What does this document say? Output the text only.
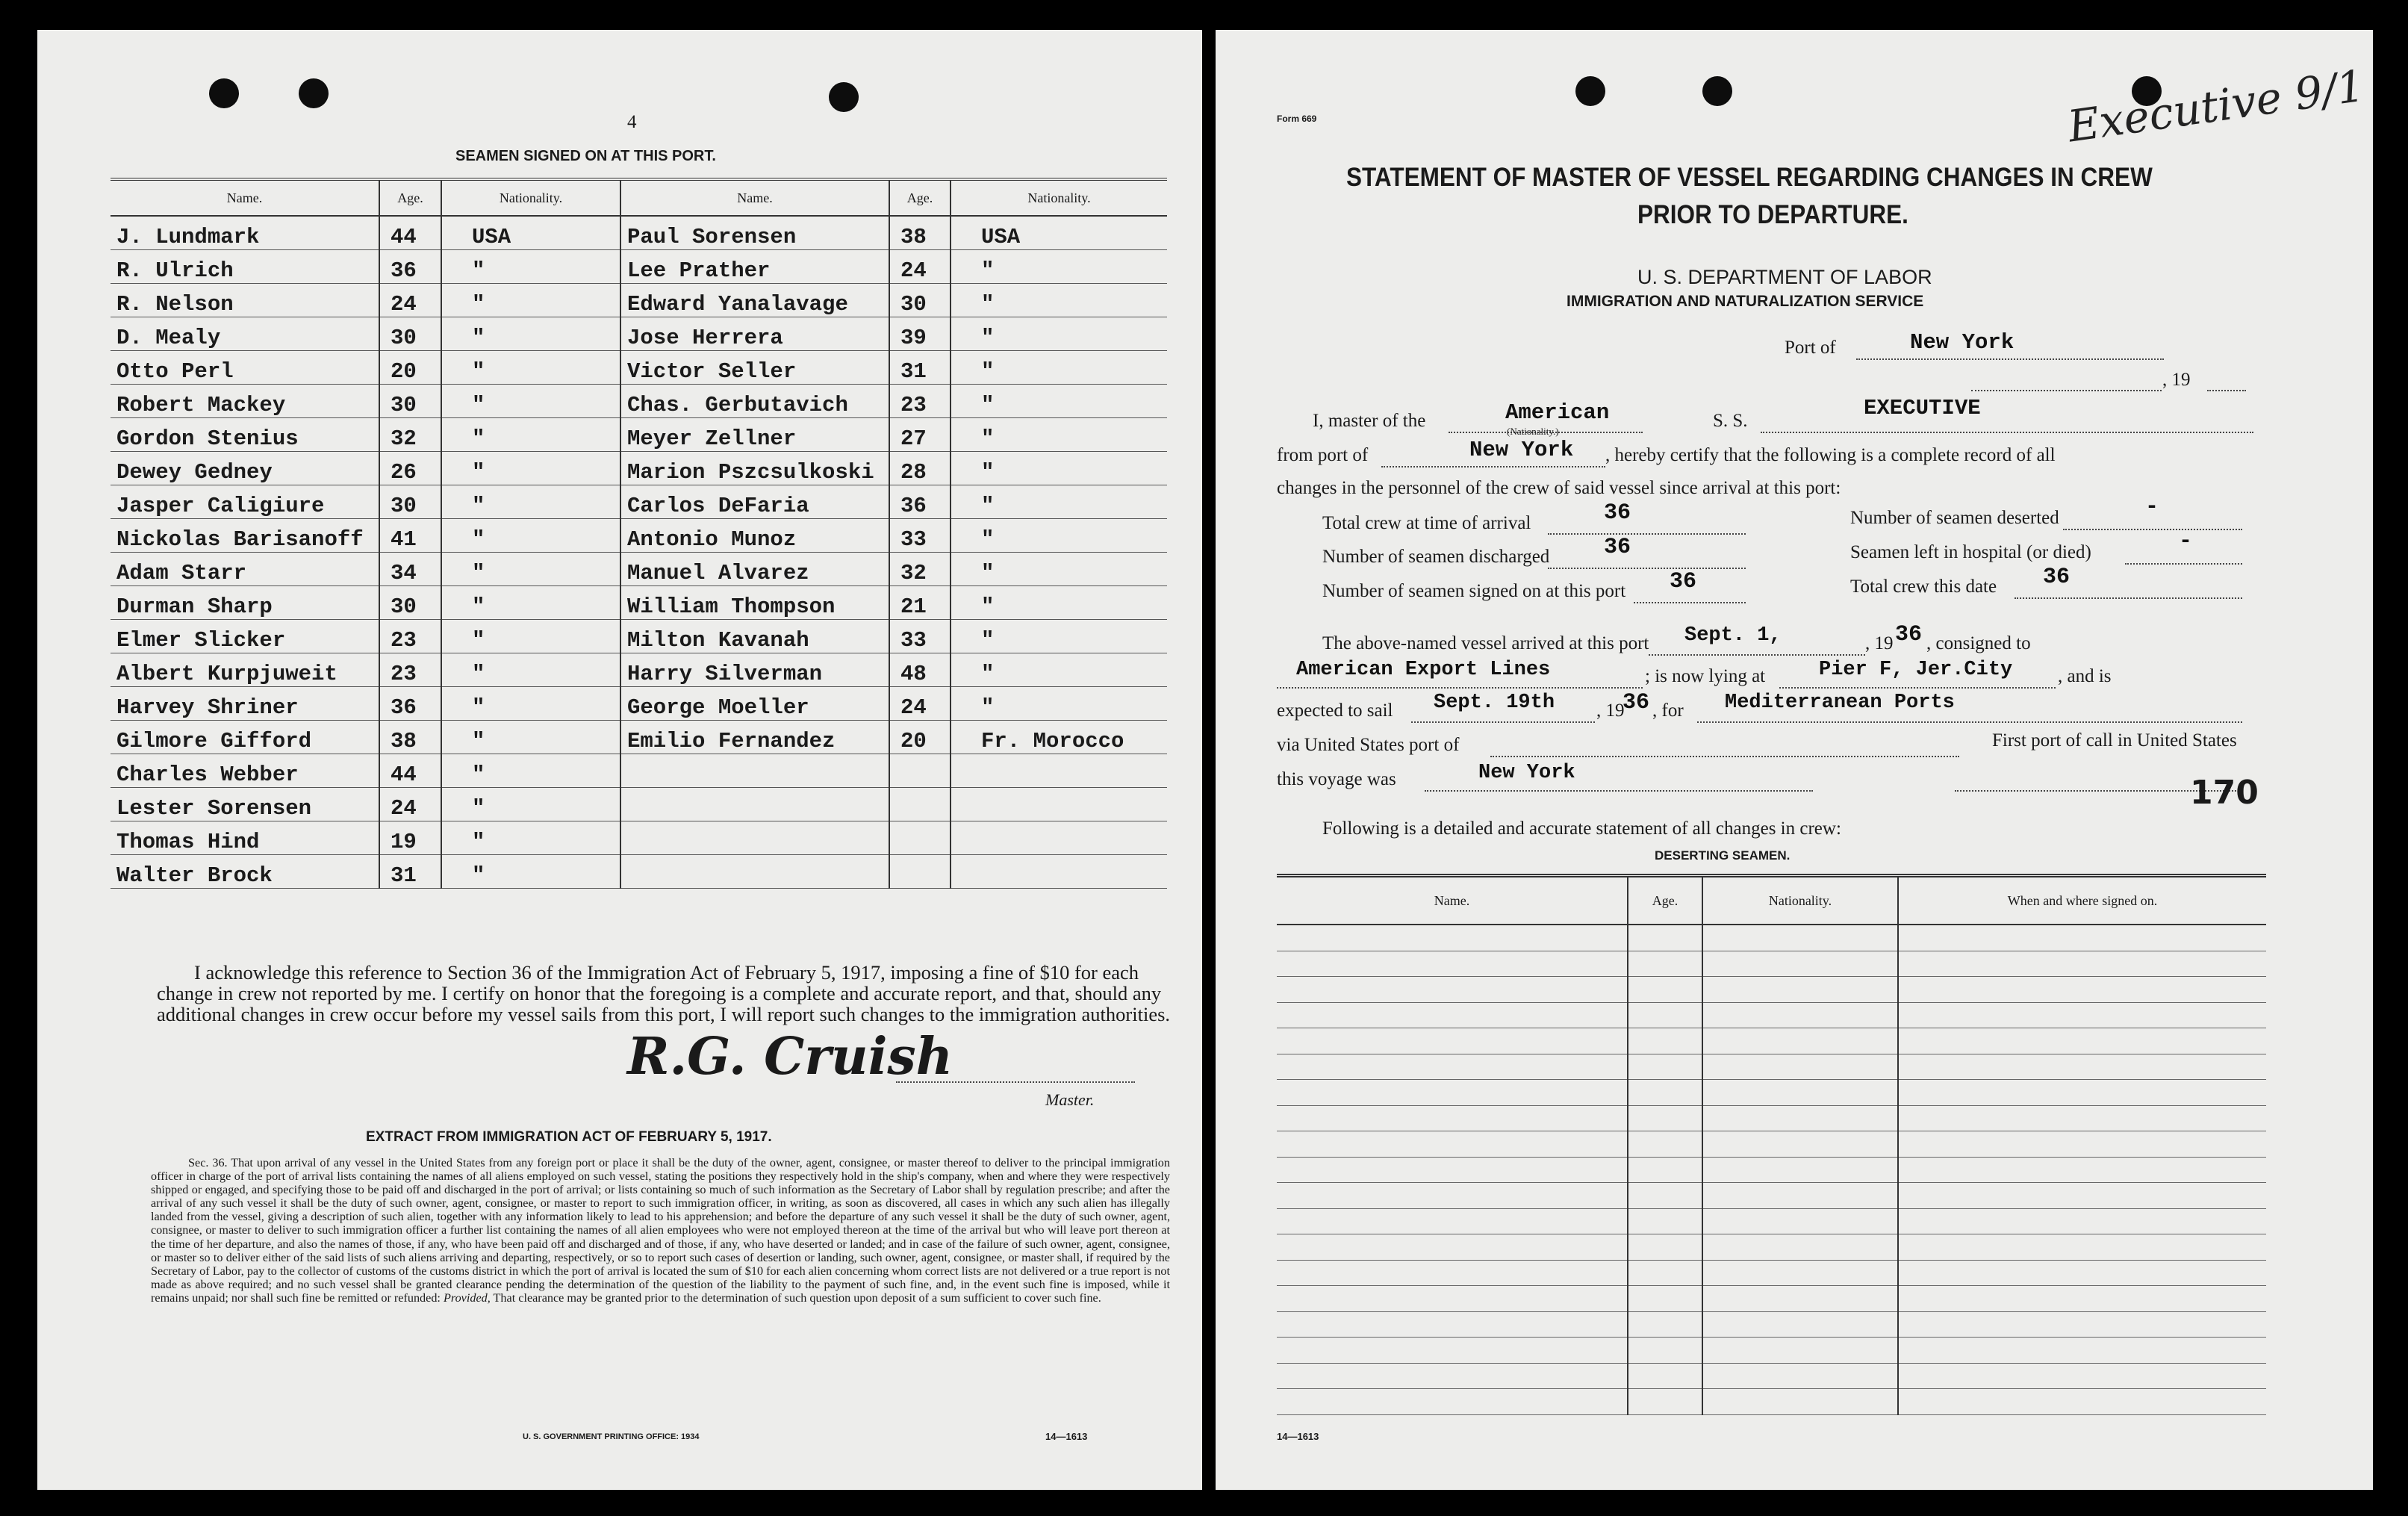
4
SEAMEN SIGNED ON AT THIS PORT.
Name.	Age.	Nationality.	Name.	Age.	Nationality.
J. Lundmark	44	USA	Paul Sorensen	38	USA
R. Ulrich	36	"	Lee Prather	24	"
R. Nelson	24	"	Edward Yanalavage	30	"
D. Mealy	30	"	Jose Herrera	39	"
Otto Perl	20	"	Victor Seller	31	"
Robert Mackey	30	"	Chas. Gerbutavich	23	"
Gordon Stenius	32	"	Meyer Zellner	27	"
Dewey Gedney	26	"	Marion Pszcsulkoski	28	"
Jasper Caligiure	30	"	Carlos DeFaria	36	"
Nickolas Barisanoff	41	"	Antonio Munoz	33	"
Adam Starr	34	"	Manuel Alvarez	32	"
Durman Sharp	30	"	William Thompson	21	"
Elmer Slicker	23	"	Milton Kavanah	33	"
Albert Kurpjuweit	23	"	Harry Silverman	48	"
Harvey Shriner	36	"	George Moeller	24	"
Gilmore Gifford	38	"	Emilio Fernandez	20	Fr. Morocco
Charles Webber	44	"			
Lester Sorensen	24	"			
Thomas Hind	19	"			
Walter Brock	31	"			

I acknowledge this reference to Section 36 of the Immigration Act of February 5, 1917, imposing a fine of $10 for each change in crew not reported by me. I certify on honor that the foregoing is a complete and accurate report, and that, should any additional changes in crew occur before my vessel sails from this port, I will report such changes to the immigration authorities.

R.G. Cruish
Master.
EXTRACT FROM IMMIGRATION ACT OF FEBRUARY 5, 1917.

Sec. 36. That upon arrival of any vessel in the United States from any foreign port or place it shall be the duty of the owner, agent, consignee, or master thereof to deliver to the principal immigration officer in charge of the port of arrival lists containing the names of all aliens employed on such vessel, stating the positions they respectively hold in the ship's company, when and where they were respectively shipped or engaged, and specifying those to be paid off and discharged in the port of arrival; or lists containing so much of such information as the Secretary of Labor shall by regulation prescribe; and after the arrival of any such vessel it shall be the duty of such owner, agent, consignee, or master to report to such immigration officer, in writing, as soon as discovered, all cases in which any such alien has illegally landed from the vessel, giving a description of such alien, together with any information likely to lead to his apprehension; and before the departure of any such vessel it shall be the duty of such owner, agent, consignee, or master to deliver to such immigration officer a further list containing the names of all alien employees who were not employed thereon at the time of the arrival but who will leave port thereon at the time of her departure, and also the names of those, if any, who have been paid off and discharged and of those, if any, who have deserted or landed; and in case of the failure of such owner, agent, consignee, or master so to deliver either of the said lists of such aliens arriving and departing, respectively, or so to report such cases of desertion or landing, such owner, agent, consignee, or master shall, if required by the Secretary of Labor, pay to the collector of customs of the customs district in which the port of arrival is located the sum of $10 for each alien concerning whom correct lists are not delivered or a true report is not made as above required; and no such vessel shall be granted clearance pending the determination of the question of the liability to the payment of such fine, and, in the event such fine is imposed, while it remains unpaid; nor shall such fine be remitted or refunded: Provided, That clearance may be granted prior to the determination of such question upon deposit of a sum sufficient to cover such fine.

U. S. GOVERNMENT PRINTING OFFICE: 1934	14—1613
Form 669	Executive 9/1
STATEMENT OF MASTER OF VESSEL REGARDING CHANGES IN CREW
PRIOR TO DEPARTURE.
U. S. DEPARTMENT OF LABOR
IMMIGRATION AND NATURALIZATION SERVICE
Port of	New York
, 19
I, master of the	American
(Nationality.)
S. S.
EXECUTIVE
from port of	New York , hereby certify that the following is a complete record of all
changes in the personnel of the crew of said vessel since arrival at this port:
Total crew at time of arrival	36
Number of seamen discharged 36
Number of seamen signed on at this port 36
Number of seamen deserted	-
Seamen left in hospital (or died)	-
Total crew this date 36
The above-named vessel arrived at this port Sept. 1,	, 19 36 , consigned to
American Export Lines	; is now lying at	Pier F, Jer.City , and is
expected to sail Sept. 19th , 19
36 , for Mediterranean Ports
via United States port of	First port of call in United States
this voyage was	New York
170
Following is a detailed and accurate statement of all changes in crew:
DESERTING SEAMEN.
Name.	Age.	Nationality.	When and where signed on.

14—1613
